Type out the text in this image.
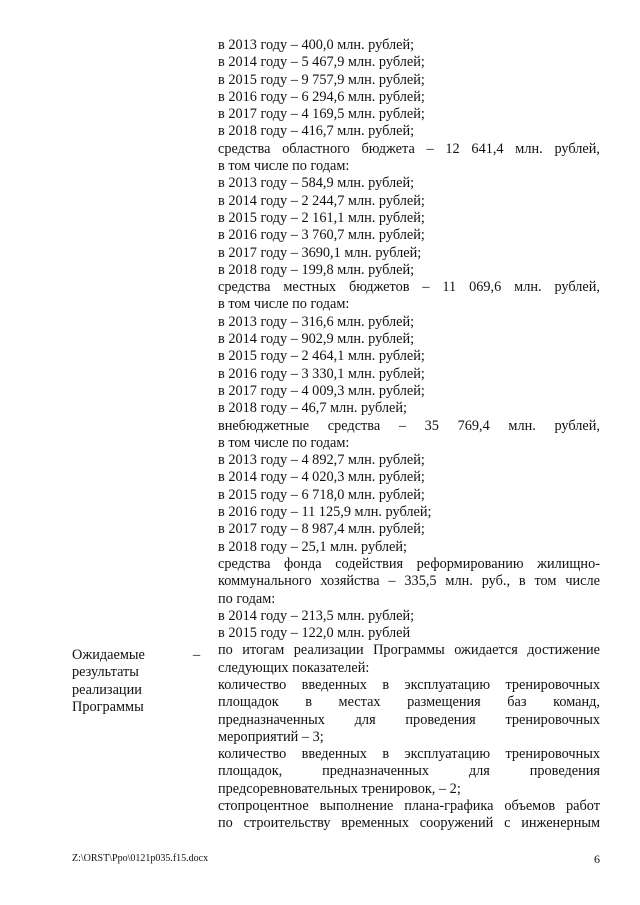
в 2013 году – 400,0 млн. рублей;
в 2014 году – 5 467,9 млн. рублей;
в 2015 году – 9 757,9 млн. рублей;
в 2016 году – 6 294,6 млн. рублей;
в 2017 году – 4 169,5 млн. рублей;
в 2018 году – 416,7 млн. рублей;
средства областного бюджета – 12 641,4 млн. рублей,
в том числе по годам:
в 2013 году – 584,9 млн. рублей;
в 2014 году – 2 244,7 млн. рублей;
в 2015 году – 2 161,1 млн. рублей;
в 2016 году – 3 760,7 млн. рублей;
в 2017 году – 3690,1 млн. рублей;
в 2018 году – 199,8 млн. рублей;
средства местных бюджетов – 11 069,6 млн. рублей,
в том числе по годам:
в 2013 году – 316,6 млн. рублей;
в 2014 году – 902,9 млн. рублей;
в 2015 году – 2 464,1 млн. рублей;
в 2016 году – 3 330,1 млн. рублей;
в 2017 году – 4 009,3 млн. рублей;
в 2018 году – 46,7 млн. рублей;
внебюджетные средства – 35 769,4 млн. рублей,
в том числе по годам:
в 2013 году – 4 892,7 млн. рублей;
в 2014 году – 4 020,3 млн. рублей;
в 2015 году – 6 718,0 млн. рублей;
в 2016 году – 11 125,9 млн. рублей;
в 2017 году – 8 987,4 млн. рублей;
в 2018 году – 25,1 млн. рублей;
средства фонда содействия реформированию жилищно-
коммунального хозяйства – 335,5 млн. руб., в том числе
по годам:
в 2014 году – 213,5 млн. рублей;
в 2015 году – 122,0 млн. рублей
по итогам реализации Программы ожидается достижение
следующих показателей:
количество введенных в эксплуатацию тренировочных
площадок в местах размещения баз команд,
предназначенных для проведения тренировочных
мероприятий – 3;
количество введенных в эксплуатацию тренировочных
площадок, предназначенных для проведения
предсоревновательных тренировок, – 2;
стопроцентное выполнение плана-графика объемов работ
по строительству временных сооружений с инженерным
Ожидаемые
результаты
реализации
Программы
–
Z:\ORST\Ppo\0121p035.f15.docx	6
